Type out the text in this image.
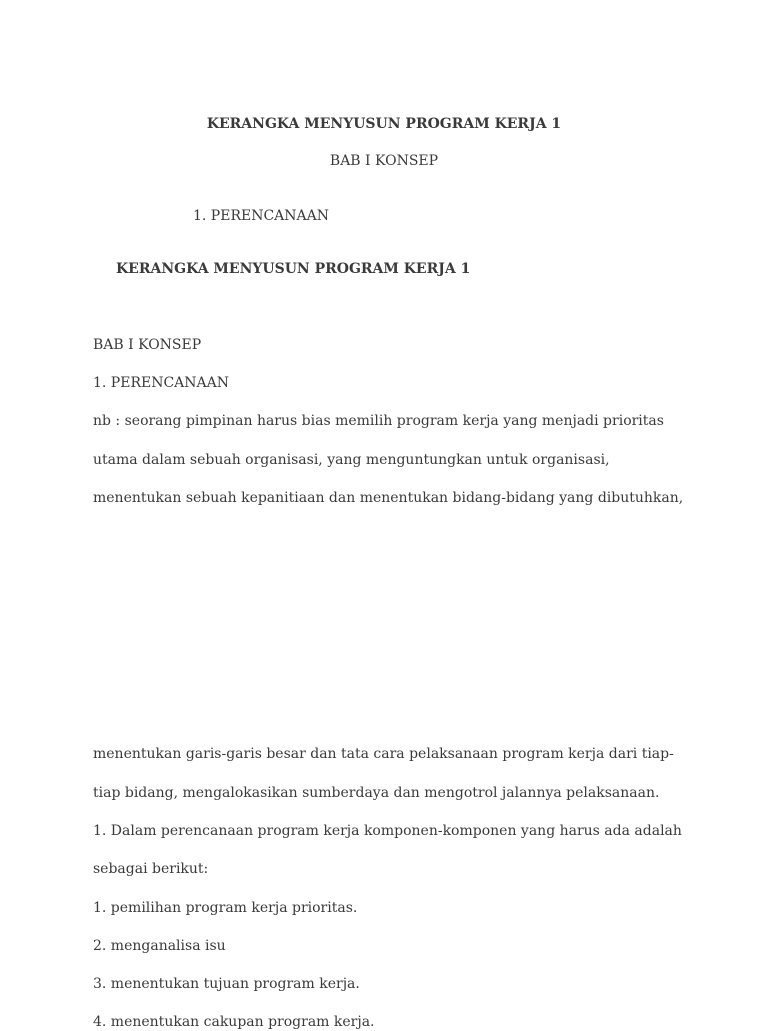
KERANGKA MENYUSUN PROGRAM KERJA 1
BAB I KONSEP
1. PERENCANAAN
KERANGKA MENYUSUN PROGRAM KERJA 1
BAB I KONSEP
1. PERENCANAAN
nb : seorang pimpinan harus bias memilih program kerja yang menjadi prioritas
utama dalam sebuah organisasi, yang menguntungkan untuk organisasi,
menentukan sebuah kepanitiaan dan menentukan bidang-bidang yang dibutuhkan,
menentukan garis-garis besar dan tata cara pelaksanaan program kerja dari tiap-
tiap bidang, mengalokasikan sumberdaya dan mengotrol jalannya pelaksanaan.
1. Dalam perencanaan program kerja komponen-komponen yang harus ada adalah
sebagai berikut:
1. pemilihan program kerja prioritas.
2. menganalisa isu
3. menentukan tujuan program kerja.
4. menentukan cakupan program kerja.
